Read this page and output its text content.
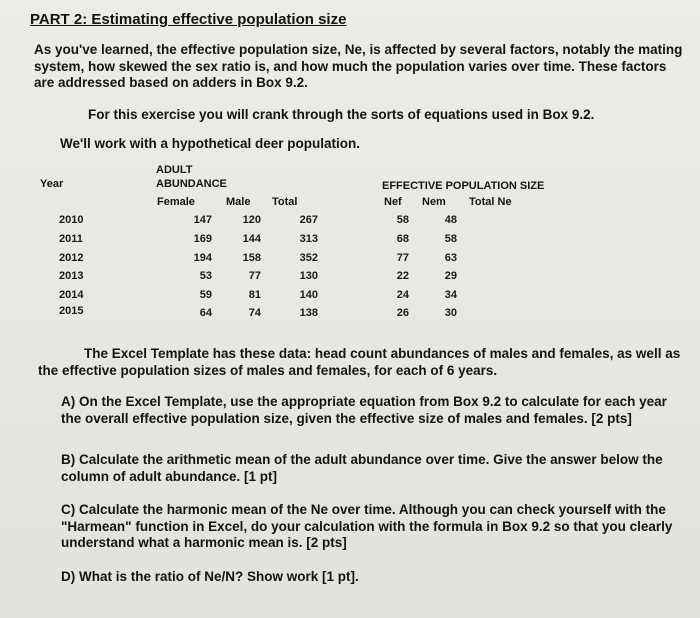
PART 2: Estimating effective population size
As you've learned, the effective population size, Ne, is affected by several factors, notably the mating system, how skewed the sex ratio is, and how much the population varies over time. These factors are addressed based on adders in Box 9.2.
For this exercise you will crank through the sorts of equations used in Box 9.2.
We'll work with a hypothetical deer population.
Year
ADULT
ABUNDANCE
Female	Male Total
EFFECTIVE POPULATION SIZE
Nef Nem Total Ne
2010	147	120	267	58	48
2011	169	144	313	68	58
2012	194	158	352	77	63
2013	53	77	130	22	29
2014	59	81	140	24	34
2015	64	74	138	26	30
The Excel Template has these data: head count abundances of males and females, as well as the effective population sizes of males and females, for each of 6 years.
A) On the Excel Template, use the appropriate equation from Box 9.2 to calculate for each year the overall effective population size, given the effective size of males and females. [2 pts]
B) Calculate the arithmetic mean of the adult abundance over time. Give the answer below the column of adult abundance. [1 pt]
C) Calculate the harmonic mean of the Ne over time. Although you can check yourself with the "Harmean" function in Excel, do your calculation with the formula in Box 9.2 so that you clearly understand what a harmonic mean is. [2 pts]
D) What is the ratio of Ne/N? Show work [1 pt].
